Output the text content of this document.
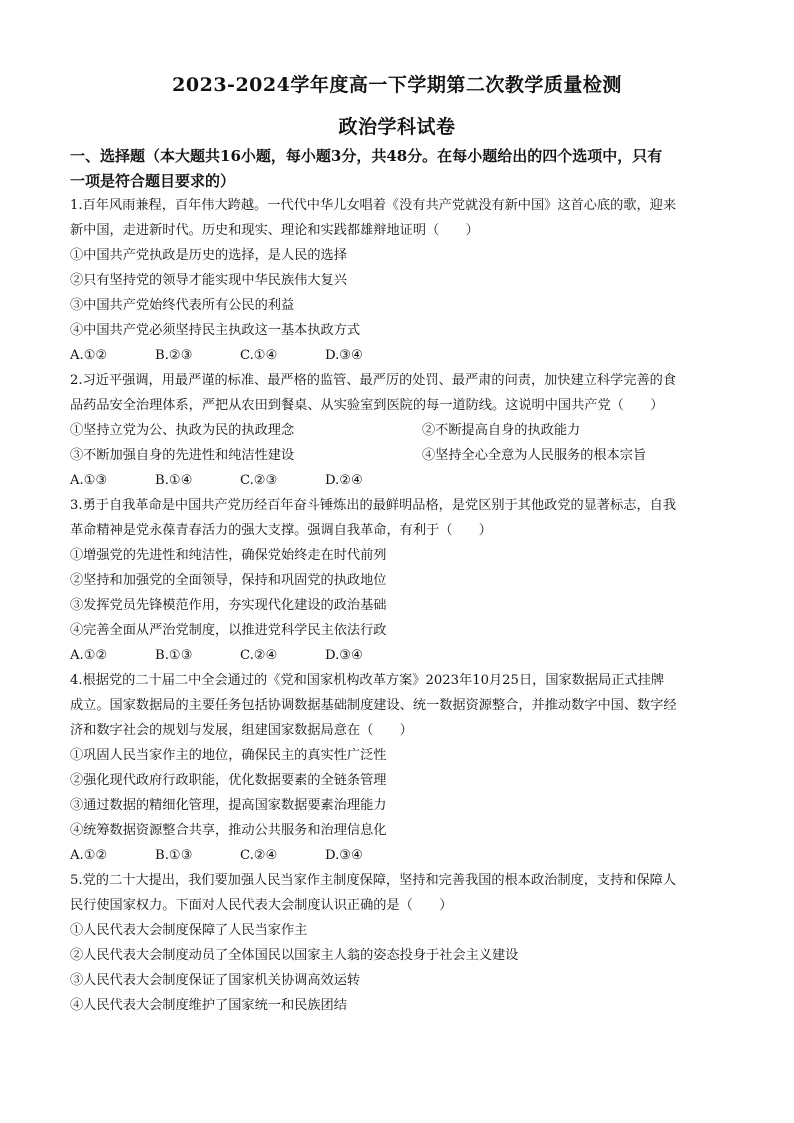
2023-2024学年度高一下学期第二次教学质量检测
政治学科试卷
一、选择题（本大题共16小题，每小题3分，共48分。在每小题给出的四个选项中，只有
一项是符合题目要求的）
1.百年风雨兼程，百年伟大跨越。一代代中华儿女唱着《没有共产党就没有新中国》这首心底的歌，迎来
新中国，走进新时代。历史和现实、理论和实践都雄辩地证明（　　）
①中国共产党执政是历史的选择，是人民的选择
②只有坚持党的领导才能实现中华民族伟大复兴
③中国共产党始终代表所有公民的利益
④中国共产党必须坚持民主执政这一基本执政方式
A.①②	B.②③	C.①④	D.③④
2.习近平强调，用最严谨的标准、最严格的监管、最严厉的处罚、最严肃的问责，加快建立科学完善的食
品药品安全治理体系，严把从农田到餐桌、从实验室到医院的每一道防线。这说明中国共产党（　　）
①坚持立党为公、执政为民的执政理念	②不断提高自身的执政能力
③不断加强自身的先进性和纯洁性建设	④坚持全心全意为人民服务的根本宗旨
A.①③	B.①④	C.②③	D.②④
3.勇于自我革命是中国共产党历经百年奋斗锤炼出的最鲜明品格，是党区别于其他政党的显著标志，自我
革命精神是党永葆青春活力的强大支撑。强调自我革命，有利于（　　）
①增强党的先进性和纯洁性，确保党始终走在时代前列
②坚持和加强党的全面领导，保持和巩固党的执政地位
③发挥党员先锋模范作用，夯实现代化建设的政治基础
④完善全面从严治党制度，以推进党科学民主依法行政
A.①②	B.①③	C.②④	D.③④
4.根据党的二十届二中全会通过的《党和国家机构改革方案》2023年10月25日，国家数据局正式挂牌
成立。国家数据局的主要任务包括协调数据基础制度建设、统一数据资源整合，并推动数字中国、数字经
济和数字社会的规划与发展，组建国家数据局意在（　　）
①巩固人民当家作主的地位，确保民主的真实性广泛性
②强化现代政府行政职能，优化数据要素的全链条管理
③通过数据的精细化管理，提高国家数据要素治理能力
④统筹数据资源整合共享，推动公共服务和治理信息化
A.①②	B.①③	C.②④	D.③④
5.党的二十大提出，我们要加强人民当家作主制度保障，坚持和完善我国的根本政治制度，支持和保障人
民行使国家权力。下面对人民代表大会制度认识正确的是（　　）
①人民代表大会制度保障了人民当家作主
②人民代表大会制度动员了全体国民以国家主人翁的姿态投身于社会主义建设
③人民代表大会制度保证了国家机关协调高效运转
④人民代表大会制度维护了国家统一和民族团结
